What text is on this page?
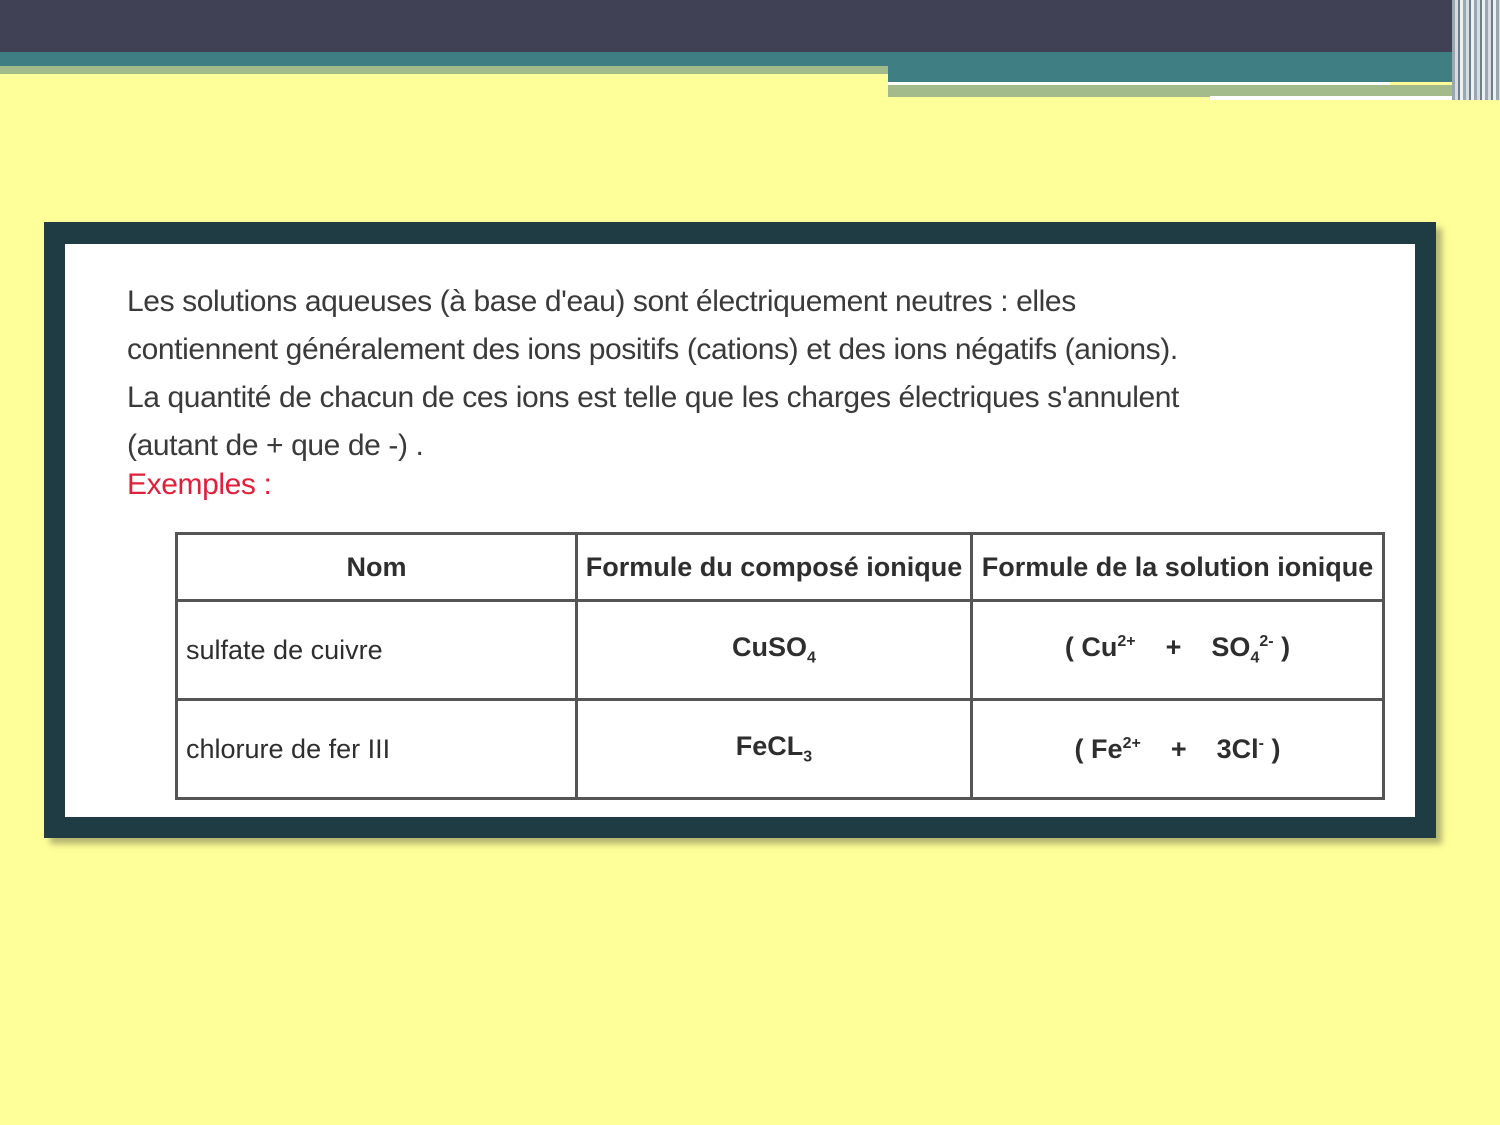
Les solutions aqueuses (à base d'eau) sont électriquement neutres : elles
contiennent généralement des ions positifs (cations) et des ions négatifs (anions).
La quantité de chacun de ces ions est telle que les charges électriques s'annulent
(autant de + que de -) .

Exemples :

Nom	Formule du composé ionique	Formule de la solution ionique
sulfate de cuivre	CuSO$_4$	( $Cu^{2+} + SO_4^{2-}$ )
chlorure de fer III	FeCL$_3$	( $Fe^{2+} + 3Cl^-$ )
